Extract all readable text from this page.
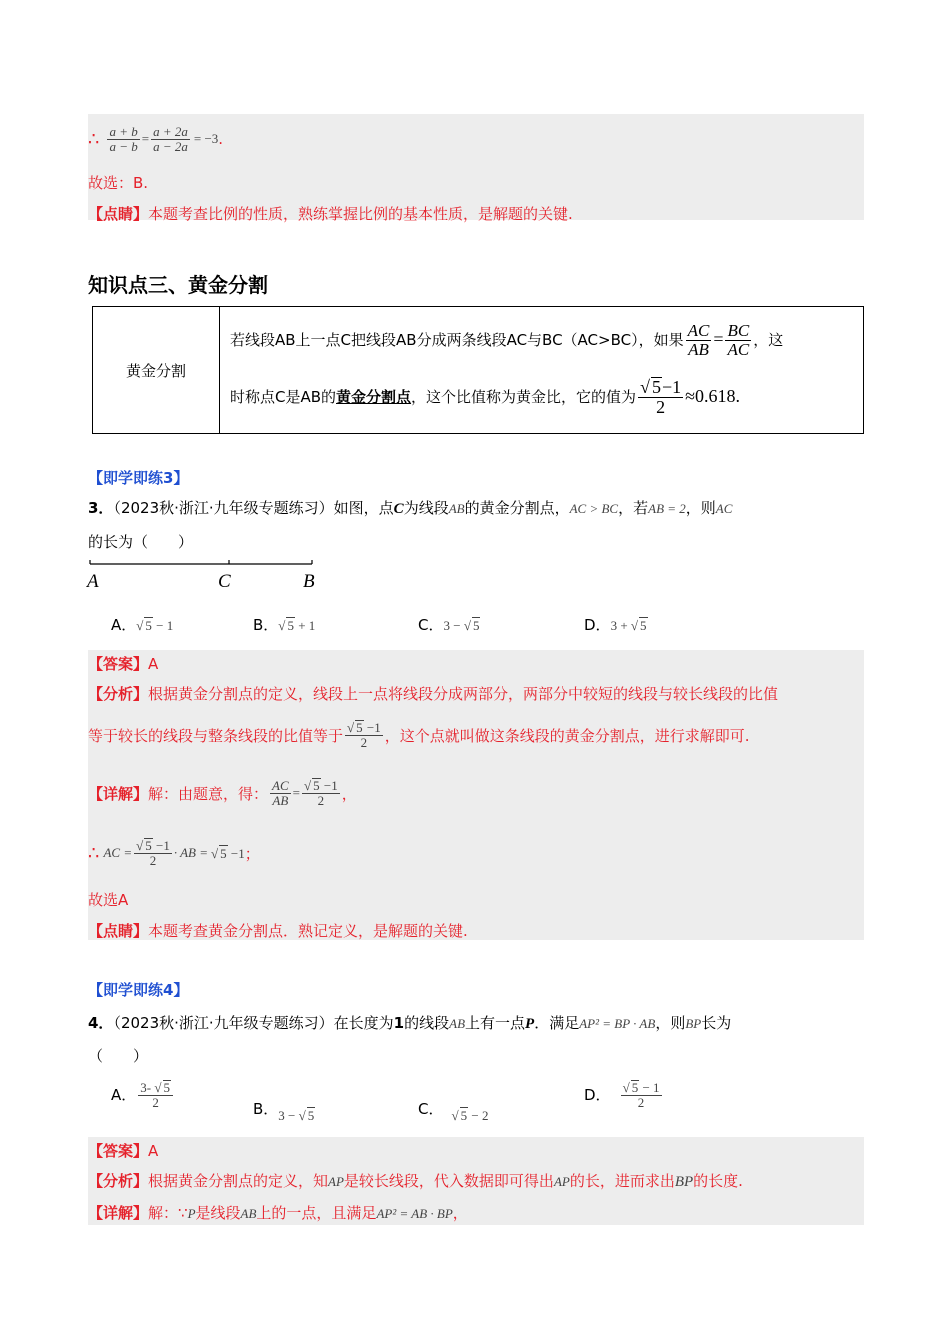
∴ $\frac{a + b}{a - b} = \frac{a + 2a}{a - 2a} = -3$ .
故选：B.
【点睛】本题考查比例的性质，熟练掌握比例的基本性质，是解题的关键.
知识点三、黄金分割
黄金分割	
若线段AB上一点C把线段AB分成两条线段AC与BC（AC>BC），如果 $\frac{AC}{AB} = \frac{BC}{AC}$ ，这
时称点C是AB的 黄金分割点 ，这个比值称为黄金比，它的值为 $\frac{√ 5-1}{2} \approx 0.618$.
【即学即练3】
3．（2023秋·浙江·九年级专题练习）如图，点C为线段AB的黄金分割点，AC > BC，若AB = 2，则AC
的长为（　　）
A	C	B
A．√ 5 − 1	B．√ 5 + 1	C．3 − √ 5	D．3 + √ 5
【答案】A
【分析】根据黄金分割点的定义，线段上一点将线段分成两部分，两部分中较短的线段与较长线段的比值
等于较长的线段与整条线段的比值等于 $\frac{√ 5 -1}{2}$ ，这个点就叫做这条线段的黄金分割点，进行求解即可.
【详解】 解：由题意，得： $\frac{AC}{AB} = \frac{√ 5 -1}{2}$ ，
∴ AC = $\frac{√ 5 -1}{2}$ · AB = √ 5 −1 ；
故选A
【点睛】本题考查黄金分割点．熟记定义，是解题的关键.
【即学即练4】
4．（2023秋·浙江·九年级专题练习）在长度为1的线段AB上有一点P．满足AP² = BP · AB，则BP长为
（　　）
A． $\frac{3- √ 5}{2}$	B． 3 − √ 5	C． √ 5 − 2
D． $\frac{√ 5 - 1}{2}$
【答案】A
【分析】根据黄金分割点的定义，知AP是较长线段，代入数据即可得出AP的长，进而求出BP的长度.
【详解】解：∵P是线段AB上的一点，且满足AP² = AB · BP，
